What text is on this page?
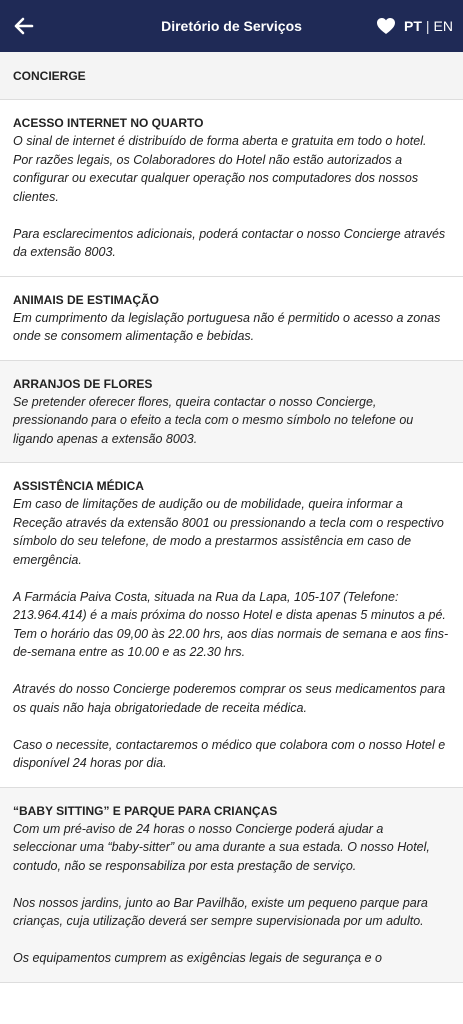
Diretório de Serviços	PT | EN
CONCIERGE
ACESSO INTERNET NO QUARTO
O sinal de internet é distribuído de forma aberta e gratuita em todo o hotel.
Por razões legais, os Colaboradores do Hotel não estão autorizados a configurar ou executar qualquer operação nos computadores dos nossos clientes.
Para esclarecimentos adicionais, poderá contactar o nosso Concierge através da extensão 8003.
ANIMAIS DE ESTIMAÇÃO
Em cumprimento da legislação portuguesa não é permitido o acesso a zonas onde se consomem alimentação e bebidas.
ARRANJOS DE FLORES
Se pretender oferecer flores, queira contactar o nosso Concierge, pressionando para o efeito a tecla com o mesmo símbolo no telefone ou ligando apenas a extensão 8003.
ASSISTÊNCIA MÉDICA
Em caso de limitações de audição ou de mobilidade, queira informar a Receção através da extensão 8001 ou pressionando a tecla com o respectivo símbolo do seu telefone, de modo a prestarmos assistência em caso de emergência.
A Farmácia Paiva Costa, situada na Rua da Lapa, 105-107 (Telefone: 213.964.414) é a mais próxima do nosso Hotel e dista apenas 5 minutos a pé. Tem o horário das 09,00 às 22.00 hrs, aos dias normais de semana e aos fins-de-semana entre as 10.00 e as 22.30 hrs.
Através do nosso Concierge poderemos comprar os seus medicamentos para os quais não haja obrigatoriedade de receita médica.
Caso o necessite, contactaremos o médico que colabora com o nosso Hotel e disponível 24 horas por dia.
“BABY SITTING” E PARQUE PARA CRIANÇAS
Com um pré-aviso de 24 horas o nosso Concierge poderá ajudar a seleccionar uma “baby-sitter” ou ama durante a sua estada. O nosso Hotel, contudo, não se responsabiliza por esta prestação de serviço.
Nos nossos jardins, junto ao Bar Pavilhão, existe um pequeno parque para crianças, cuja utilização deverá ser sempre supervisionada por um adulto.
Os equipamentos cumprem as exigências legais de segurança e o
